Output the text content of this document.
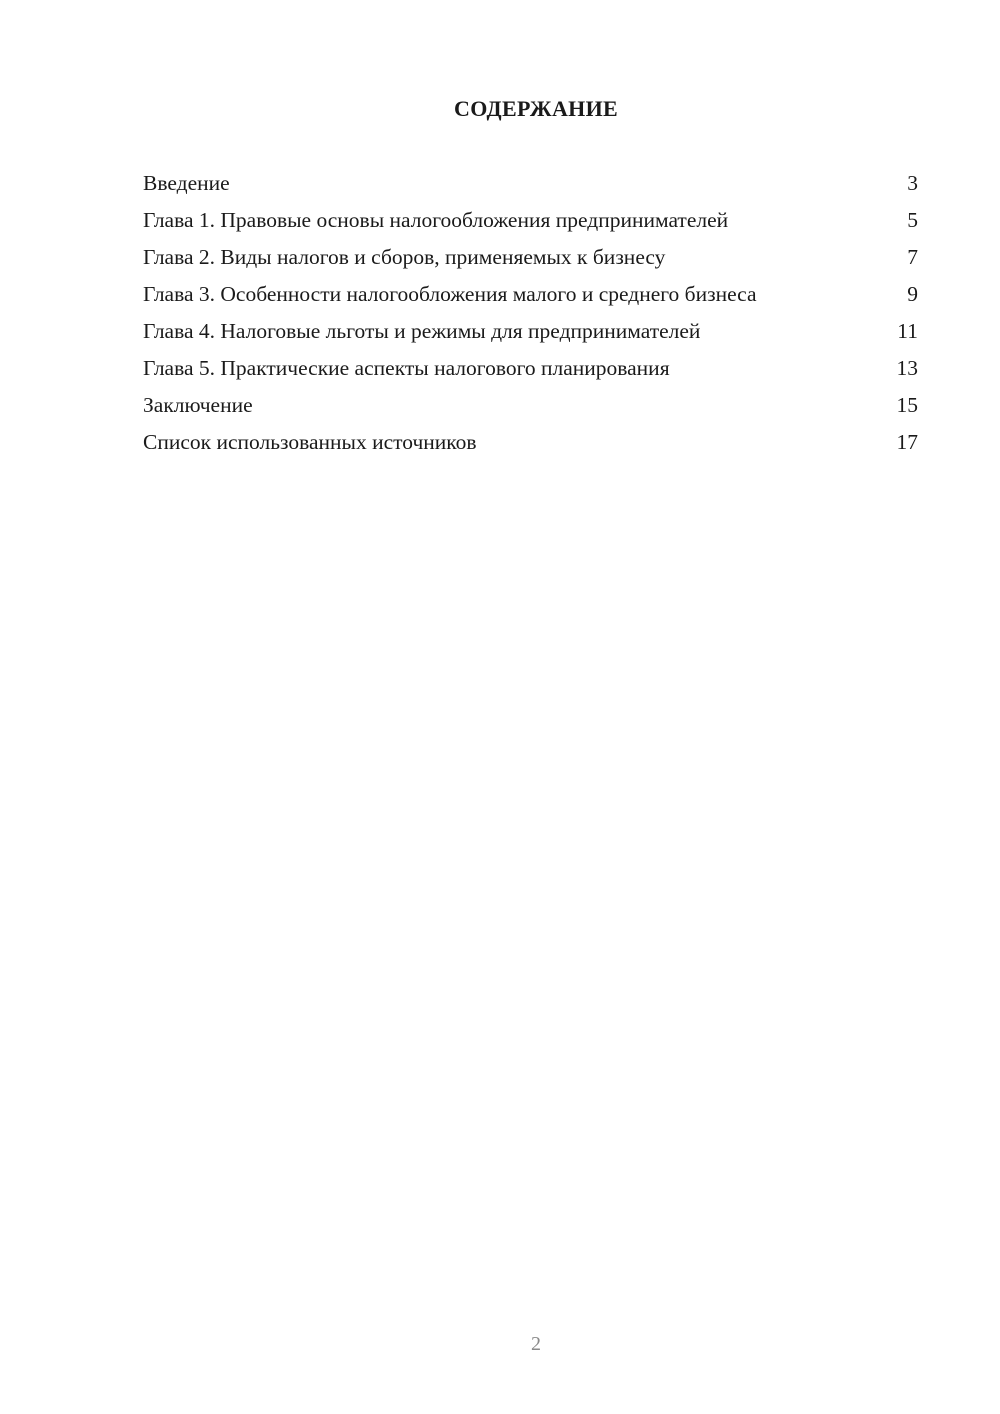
СОДЕРЖАНИЕ
Введение	3
Глава 1. Правовые основы налогообложения предпринимателей	5
Глава 2. Виды налогов и сборов, применяемых к бизнесу	7
Глава 3. Особенности налогообложения малого и среднего бизнеса	9
Глава 4. Налоговые льготы и режимы для предпринимателей	11
Глава 5. Практические аспекты налогового планирования	13
Заключение	15
Список использованных источников	17
2
